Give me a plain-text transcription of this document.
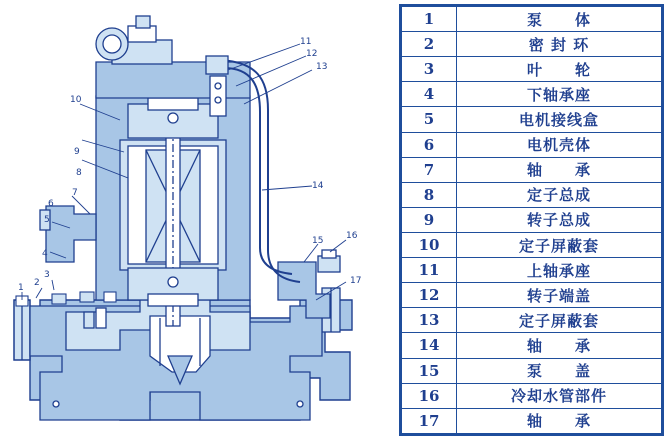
1 2
3
4
5
6
7
8
9
10
11
12
13
14
15	16
17
1	泵　　体
2	密 封 环
3	叶　　轮
4	下轴承座
5	电机接线盒
6	电机壳体
7	轴　　承
8	定子总成
9	转子总成
10	定子屏蔽套
11	上轴承座
12	转子端盖
13	定子屏蔽套
14	轴　　承
15	泵　　盖
16	冷却水管部件
17	轴　　承
